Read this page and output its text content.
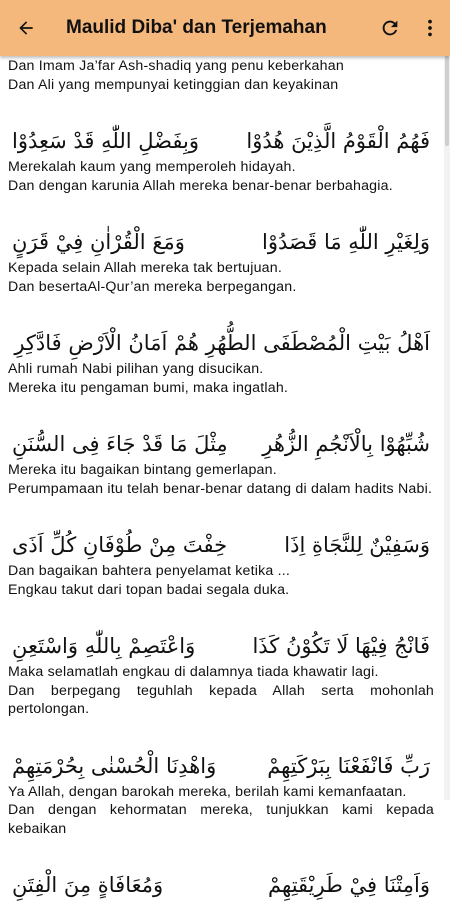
Maulid Diba' dan Terjemahan
Dan Imam Ja’far Ash-shadiq yang penu keberkahan
Dan Ali yang mempunyai ketinggian dan keyakinan
فَهُمُ الْقَوْمُ الَّذِيْنَ هُدُوْا
وَبِفَضْلِ اللّٰهِ قَدْ سَعِدُوْا
Merekalah kaum yang memperoleh hidayah.
Dan dengan karunia Allah mereka benar-benar berbahagia.
وَلِغَيْرِ اللّٰهِ مَا قَصَدُوْا
وَمَعَ الْقُرْاٰنِ فِيْ قَرَنٍ
Kepada selain Allah mereka tak bertujuan.
Dan besertaAl-Qur’an mereka berpegangan.
اَهْلُ بَيْتِ الْمُصْطَفَى الطُّهُرِ هُمْ اَمَانُ الْاَرْضِ فَادَّكِرِ
Ahli rumah Nabi pilihan yang disucikan.
Mereka itu pengaman bumi, maka ingatlah.
شُبِّهُوْا بِالْاَنْجُمِ الزُّهُرِ
مِثْلَ مَا قَدْ جَاءَ فِى السُّنَنِ
Mereka itu bagaikan bintang gemerlapan.
Perumpamaan itu telah benar-benar datang di dalam hadits Nabi.
وَسَفِيْنٌ لِلنَّجَاةِ اِذَا
خِفْتَ مِنْ طُوْفَانِ كُلِّ اَذَى
Dan bagaikan bahtera penyelamat ketika ...
Engkau takut dari topan badai segala duka.
فَانْجُ فِيْهَا لَا تَكُوْنُ كَذَا
وَاعْتَصِمْ بِاللّٰهِ وَاسْتَعِنِ
Maka selamatlah engkau di dalamnya tiada khawatir lagi.
Dan berpegang teguhlah kepada Allah serta mohonlah pertolongan.
رَبِّ فَانْفَعْنَا بِبَرْكَتِهِمْ
وَاهْدِنَا الْحُسْنٰى بِحُرْمَتِهِمْ
Ya Allah, dengan barokah mereka, berilah kami kemanfaatan.
Dan dengan kehormatan mereka, tunjukkan kami kepada kebaikan
وَاَمِتْنَا فِيْ طَرِيْقَتِهِمْ
وَمُعَافَاةٍ مِنَ الْفِتَنِ
